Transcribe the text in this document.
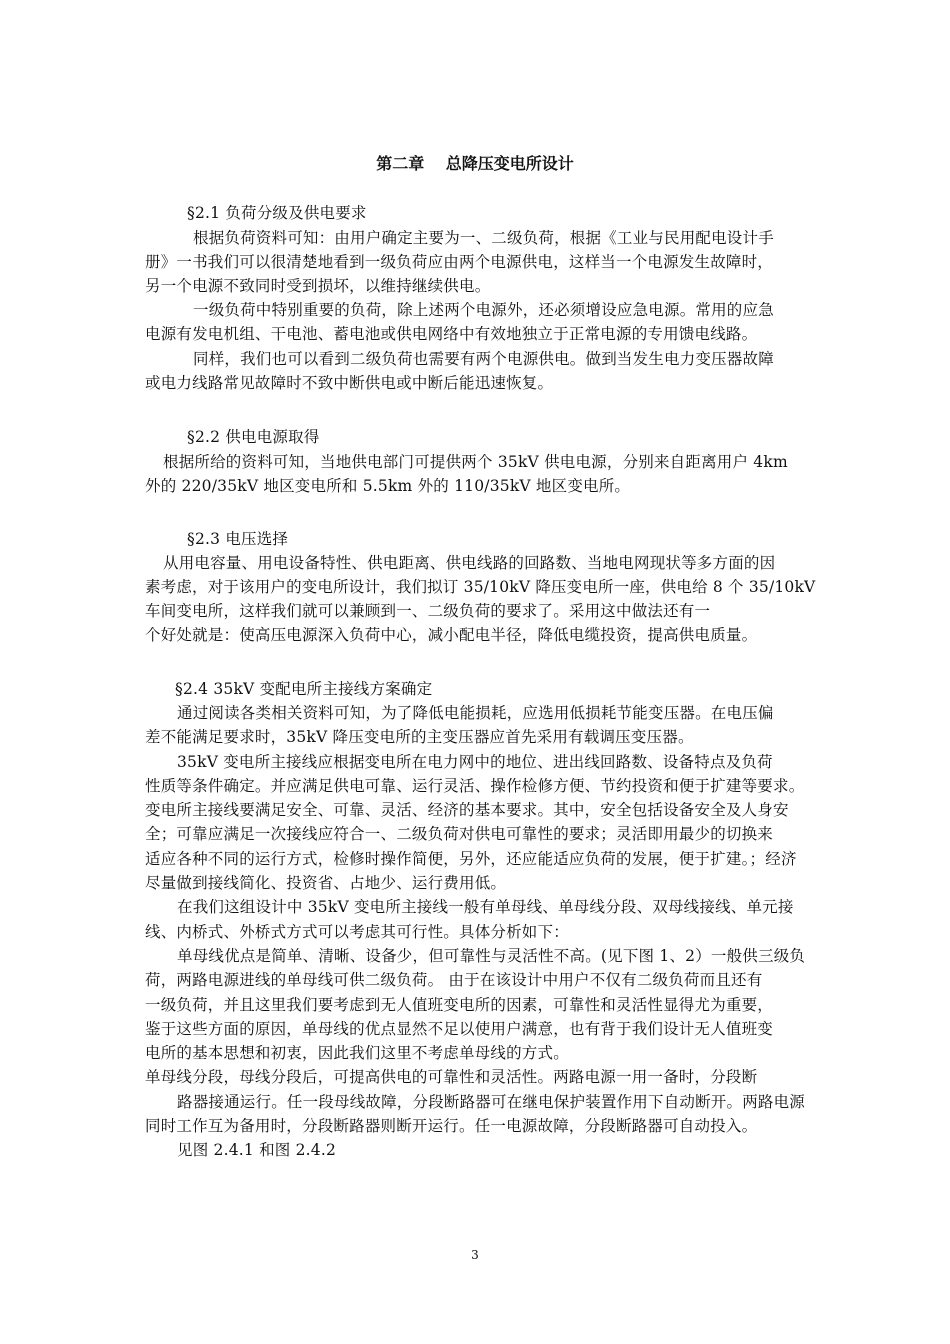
第二章　 总降压变电所设计
§2.1 负荷分级及供电要求
根据负荷资料可知：由用户确定主要为一、二级负荷，根据《工业与民用配电设计手
册》一书我们可以很清楚地看到一级负荷应由两个电源供电，这样当一个电源发生故障时，
另一个电源不致同时受到损坏，以维持继续供电。
一级负荷中特别重要的负荷，除上述两个电源外，还必须增设应急电源。常用的应急
电源有发电机组、干电池、蓄电池或供电网络中有效地独立于正常电源的专用馈电线路。
同样，我们也可以看到二级负荷也需要有两个电源供电。做到当发生电力变压器故障
或电力线路常见故障时不致中断供电或中断后能迅速恢复。
§2.2 供电电源取得
根据所给的资料可知，当地供电部门可提供两个 35kV 供电电源，分别来自距离用户 4km
外的 220/35kV 地区变电所和 5.5km 外的 110/35kV 地区变电所。
§2.3 电压选择
从用电容量、用电设备特性、供电距离、供电线路的回路数、当地电网现状等多方面的因
素考虑，对于该用户的变电所设计，我们拟订 35/10kV 降压变电所一座，供电给 8 个 35/10kV
车间变电所，这样我们就可以兼顾到一、二级负荷的要求了。采用这中做法还有一
个好处就是：使高压电源深入负荷中心，减小配电半径，降低电缆投资，提高供电质量。
§2.4 35kV 变配电所主接线方案确定
通过阅读各类相关资料可知，为了降低电能损耗，应选用低损耗节能变压器。在电压偏
差不能满足要求时，35kV 降压变电所的主变压器应首先采用有载调压变压器。
35kV 变电所主接线应根据变电所在电力网中的地位、进出线回路数、设备特点及负荷
性质等条件确定。并应满足供电可靠、运行灵活、操作检修方便、节约投资和便于扩建等要求。
变电所主接线要满足安全、可靠、灵活、经济的基本要求。其中，安全包括设备安全及人身安
全；可靠应满足一次接线应符合一、二级负荷对供电可靠性的要求；灵活即用最少的切换来
适应各种不同的运行方式，检修时操作简便，另外，还应能适应负荷的发展，便于扩建。；经济
尽量做到接线简化、投资省、占地少、运行费用低。
在我们这组设计中 35kV 变电所主接线一般有单母线、单母线分段、双母线接线、单元接
线、内桥式、外桥式方式可以考虑其可行性。具体分析如下：
单母线优点是简单、清晰、设备少，但可靠性与灵活性不高。(见下图 1、2）一般供三级负
荷，两路电源进线的单母线可供二级负荷。 由于在该设计中用户不仅有二级负荷而且还有
一级负荷，并且这里我们要考虑到无人值班变电所的因素，可靠性和灵活性显得尤为重要，
鉴于这些方面的原因，单母线的优点显然不足以使用户满意，也有背于我们设计无人值班变
电所的基本思想和初衷，因此我们这里不考虑单母线的方式。
单母线分段，母线分段后，可提高供电的可靠性和灵活性。两路电源一用一备时，分段断
路器接通运行。任一段母线故障，分段断路器可在继电保护装置作用下自动断开。两路电源
同时工作互为备用时，分段断路器则断开运行。任一电源故障，分段断路器可自动投入。
见图 2.4.1 和图 2.4.2
3
